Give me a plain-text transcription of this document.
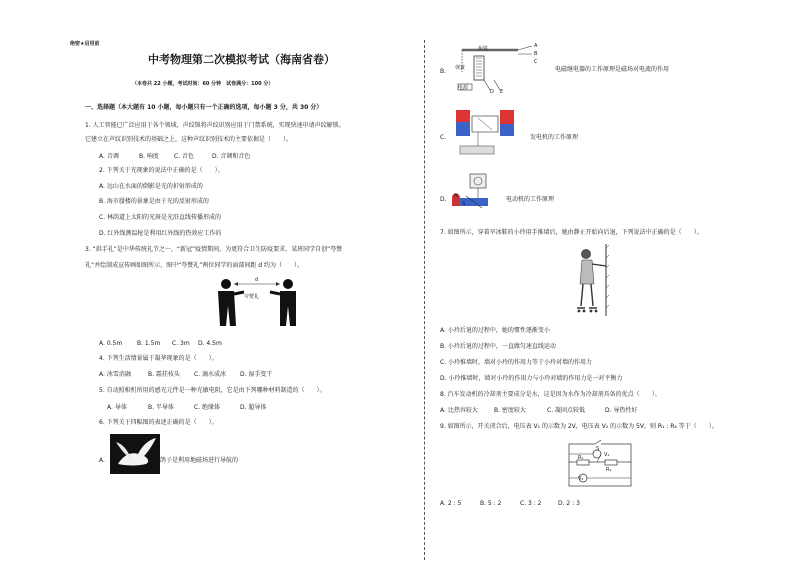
绝密★启用前
中考物理第二次模拟考试（海南省卷）
（本卷共 22 小题，考试时间：60 分钟　试卷满分：100 分）
一、选择题（本大题有 10 小题，每小题只有一个正确的选项，每小题 3 分，共 30 分）
1. 人工智能已广泛应用于各个领域，声纹锁将声纹识别应用于门禁系统，实现快速申请声纹解锁。
它建立在声纹识别技术的基础之上，这种声纹识别技术的主要依据是（　　）。
A. 音调	B. 响度	C. 音色	D. 音调和音色
2. 下列关于光现象的说法中正确的是（　　）。
A. 远山在水面的倒影是光的折射形成的
B. 海市蜃楼的景象是由于光的反射形成的
C. 林荫道上太阳的光斑是光沿直线传播形成的
D. 红外线测温枪是利用红外线的热效应工作的
3. “拱手礼”是中华传统礼节之一，“新冠”疫情期间，为更符合卫生防疫要求，某班同学自创“夸赞
礼”并绘制成宣传画如图所示，图中“夸赞礼”两位同学的面部间距 d 约为（　　）。
d
夸赞礼
A. 0.5m B. 1.5m C. 3m D. 4.5m
4. 下列生活情景属于凝华现象的是（　　）。
A. 冰雪消融	B. 霜挂枝头 C. 滴水成冰 D. 湿手变干
5. 自动照相机所用的感光元件是一种光敏电阻，它是由下列哪种材料制造的（　　）。
A. 导体	B. 半导体	C. 绝缘体	D. 超导体
6. 下列关于四幅图的表述正确的是（　　）。
A.	鸽子是利用地磁场进行导航的
B.
衔铁
弹簧
电源
A
B
C
D E
电磁继电器的工作原理是磁场对电流的作用
C.	发电机的工作原理
D. N
S
电动机的工作原理
7. 如图所示，穿着旱冰鞋的小玲用手推墙后，她由静止开始向后退，下列说法中正确的是（　　）。
A. 小玲后退的过程中，她的惯性逐渐变小
B. 小玲后退的过程中，一直做匀速直线运动
C. 小玲推墙时，墙对小玲的作用力等于小玲对墙的作用力
D. 小玲推墙时，墙对小玲的作用力与小玲对墙的作用力是一对平衡力
8. 汽车发动机的冷却剂主要成分是水，这是因为水作为冷却剂具备的优点（　　）。
A. 比热容较大	B. 密度较大	C. 凝固点较低	D. 导热性好
9. 如图所示，开关闭合后，电压表 V₁ 的示数为 2V，电压表 V₂ 的示数为 5V，则 R₁ : R₂ 等于（　　）。
S
V₁
V₂
R₁
R₂
A. 2 : 5	B. 5 : 2	C. 3 : 2	D. 2 : 3
